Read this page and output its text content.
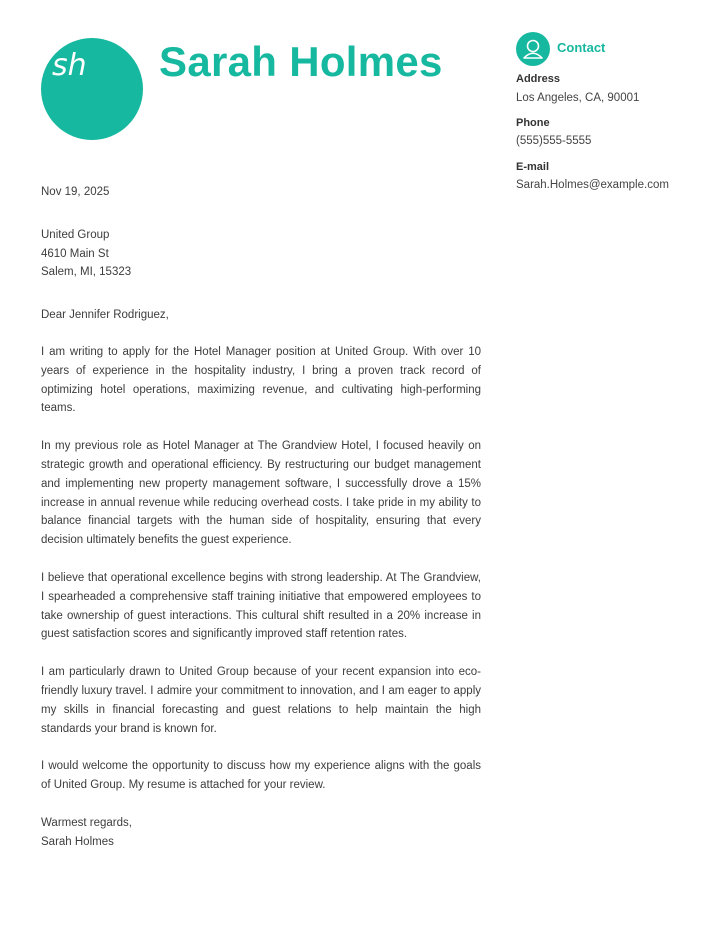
sh Sarah Holmes	Contact
Address
Los Angeles, CA, 90001
Phone
(555)555-5555
E-mail
Sarah.Holmes@example.com

Nov 19, 2025

United Group

4610 Main St

Salem, MI, 15323

Dear Jennifer Rodriguez,

I am writing to apply for the Hotel Manager position at United Group. With over 10 years of experience in the hospitality industry, I bring a proven track record of optimizing hotel operations, maximizing revenue, and cultivating high-performing teams.

In my previous role as Hotel Manager at The Grandview Hotel, I focused heavily on strategic growth and operational efficiency. By restructuring our budget management and implementing new property management software, I successfully drove a 15% increase in annual revenue while reducing overhead costs. I take pride in my ability to balance financial targets with the human side of hospitality, ensuring that every decision ultimately benefits the guest experience.

I believe that operational excellence begins with strong leadership. At The Grandview, I spearheaded a comprehensive staff training initiative that empowered employees to take ownership of guest interactions. This cultural shift resulted in a 20% increase in guest satisfaction scores and significantly improved staff retention rates.

I am particularly drawn to United Group because of your recent expansion into eco-friendly luxury travel. I admire your commitment to innovation, and I am eager to apply my skills in financial forecasting and guest relations to help maintain the high standards your brand is known for.

I would welcome the opportunity to discuss how my experience aligns with the goals of United Group. My resume is attached for your review.

Warmest regards,

Sarah Holmes
